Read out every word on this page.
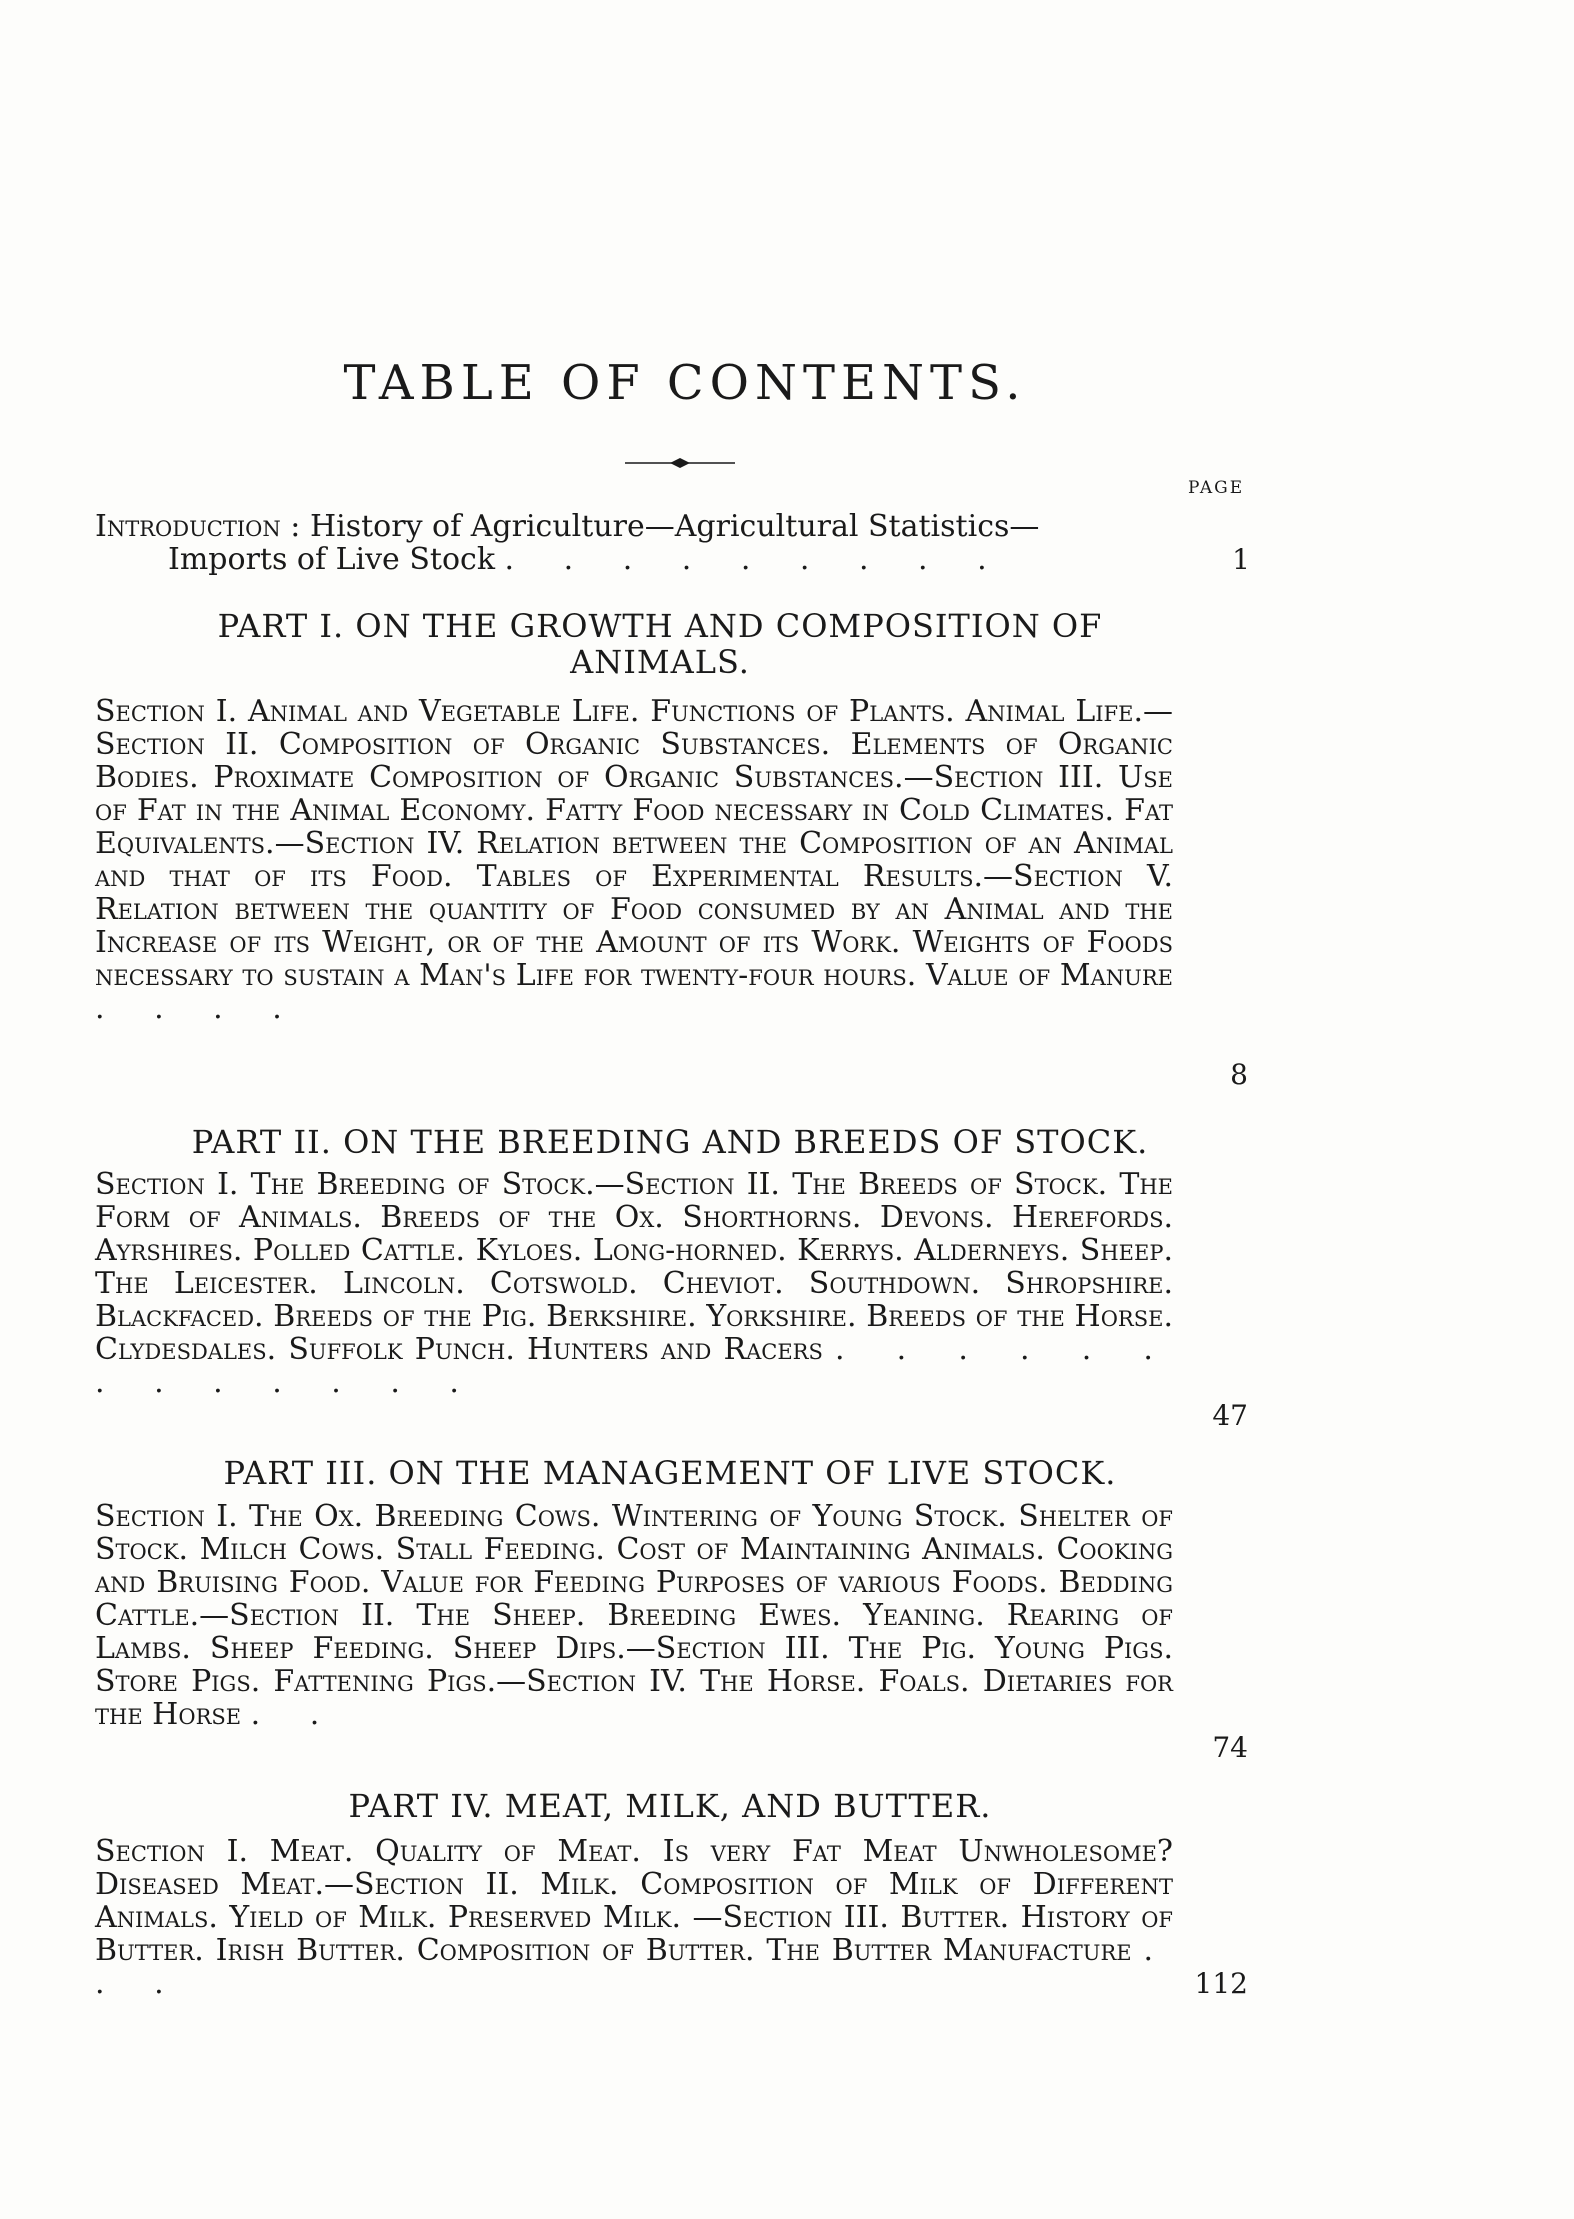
TABLE OF CONTENTS.
PAGE

Introduction : History of Agriculture—Agricultural Statistics—

Imports of Live Stock . . . . . . . . .	1
PART I. ON THE GROWTH AND COMPOSITION OF
ANIMALS.

Section I. Animal and Vegetable Life. Functions of Plants. Animal Life.—Section II. Composition of Organic Substances. Elements of Organic Bodies. Proximate Composition of Organic Substances.—Section III. Use of Fat in the Animal Economy. Fatty Food necessary in Cold Climates. Fat Equivalents.—Section IV. Relation between the Composition of an Animal and that of its Food. Tables of Experimental Results.—Section V. Relation between the quantity of Food consumed by an Animal and the Increase of its Weight, or of the Amount of its Work. Weights of Foods necessary to sustain a Man's Life for twenty-four hours. Value of Manure . . . .

8
PART II. ON THE BREEDING AND BREEDS OF STOCK.

Section I. The Breeding of Stock.—Section II. The Breeds of Stock. The Form of Animals. Breeds of the Ox. Shorthorns. Devons. Herefords. Ayrshires. Polled Cattle. Kyloes. Long-horned. Kerrys. Alderneys. Sheep. The Leicester. Lincoln. Cotswold. Cheviot. Southdown. Shropshire. Blackfaced. Breeds of the Pig. Berkshire. Yorkshire. Breeds of the Horse. Clydesdales. Suffolk Punch. Hunters and Racers . . . . . . . . . . . . .

47
PART III. ON THE MANAGEMENT OF LIVE STOCK.

Section I. The Ox. Breeding Cows. Wintering of Young Stock. Shelter of Stock. Milch Cows. Stall Feeding. Cost of Maintaining Animals. Cooking and Bruising Food. Value for Feeding Purposes of various Foods. Bedding Cattle.—Section II. The Sheep. Breeding Ewes. Yeaning. Rearing of Lambs. Sheep Feeding. Sheep Dips.—Section III. The Pig. Young Pigs. Store Pigs. Fattening Pigs.—Section IV. The Horse. Foals. Dietaries for the Horse . .

74
PART IV. MEAT, MILK, AND BUTTER.

Section I. Meat. Quality of Meat. Is very Fat Meat Unwholesome? Diseased Meat.—Section II. Milk. Composition of Milk of Different Animals. Yield of Milk. Preserved Milk. —Section III. Butter. History of Butter. Irish Butter. Composition of Butter. The Butter Manufacture . . .	112
